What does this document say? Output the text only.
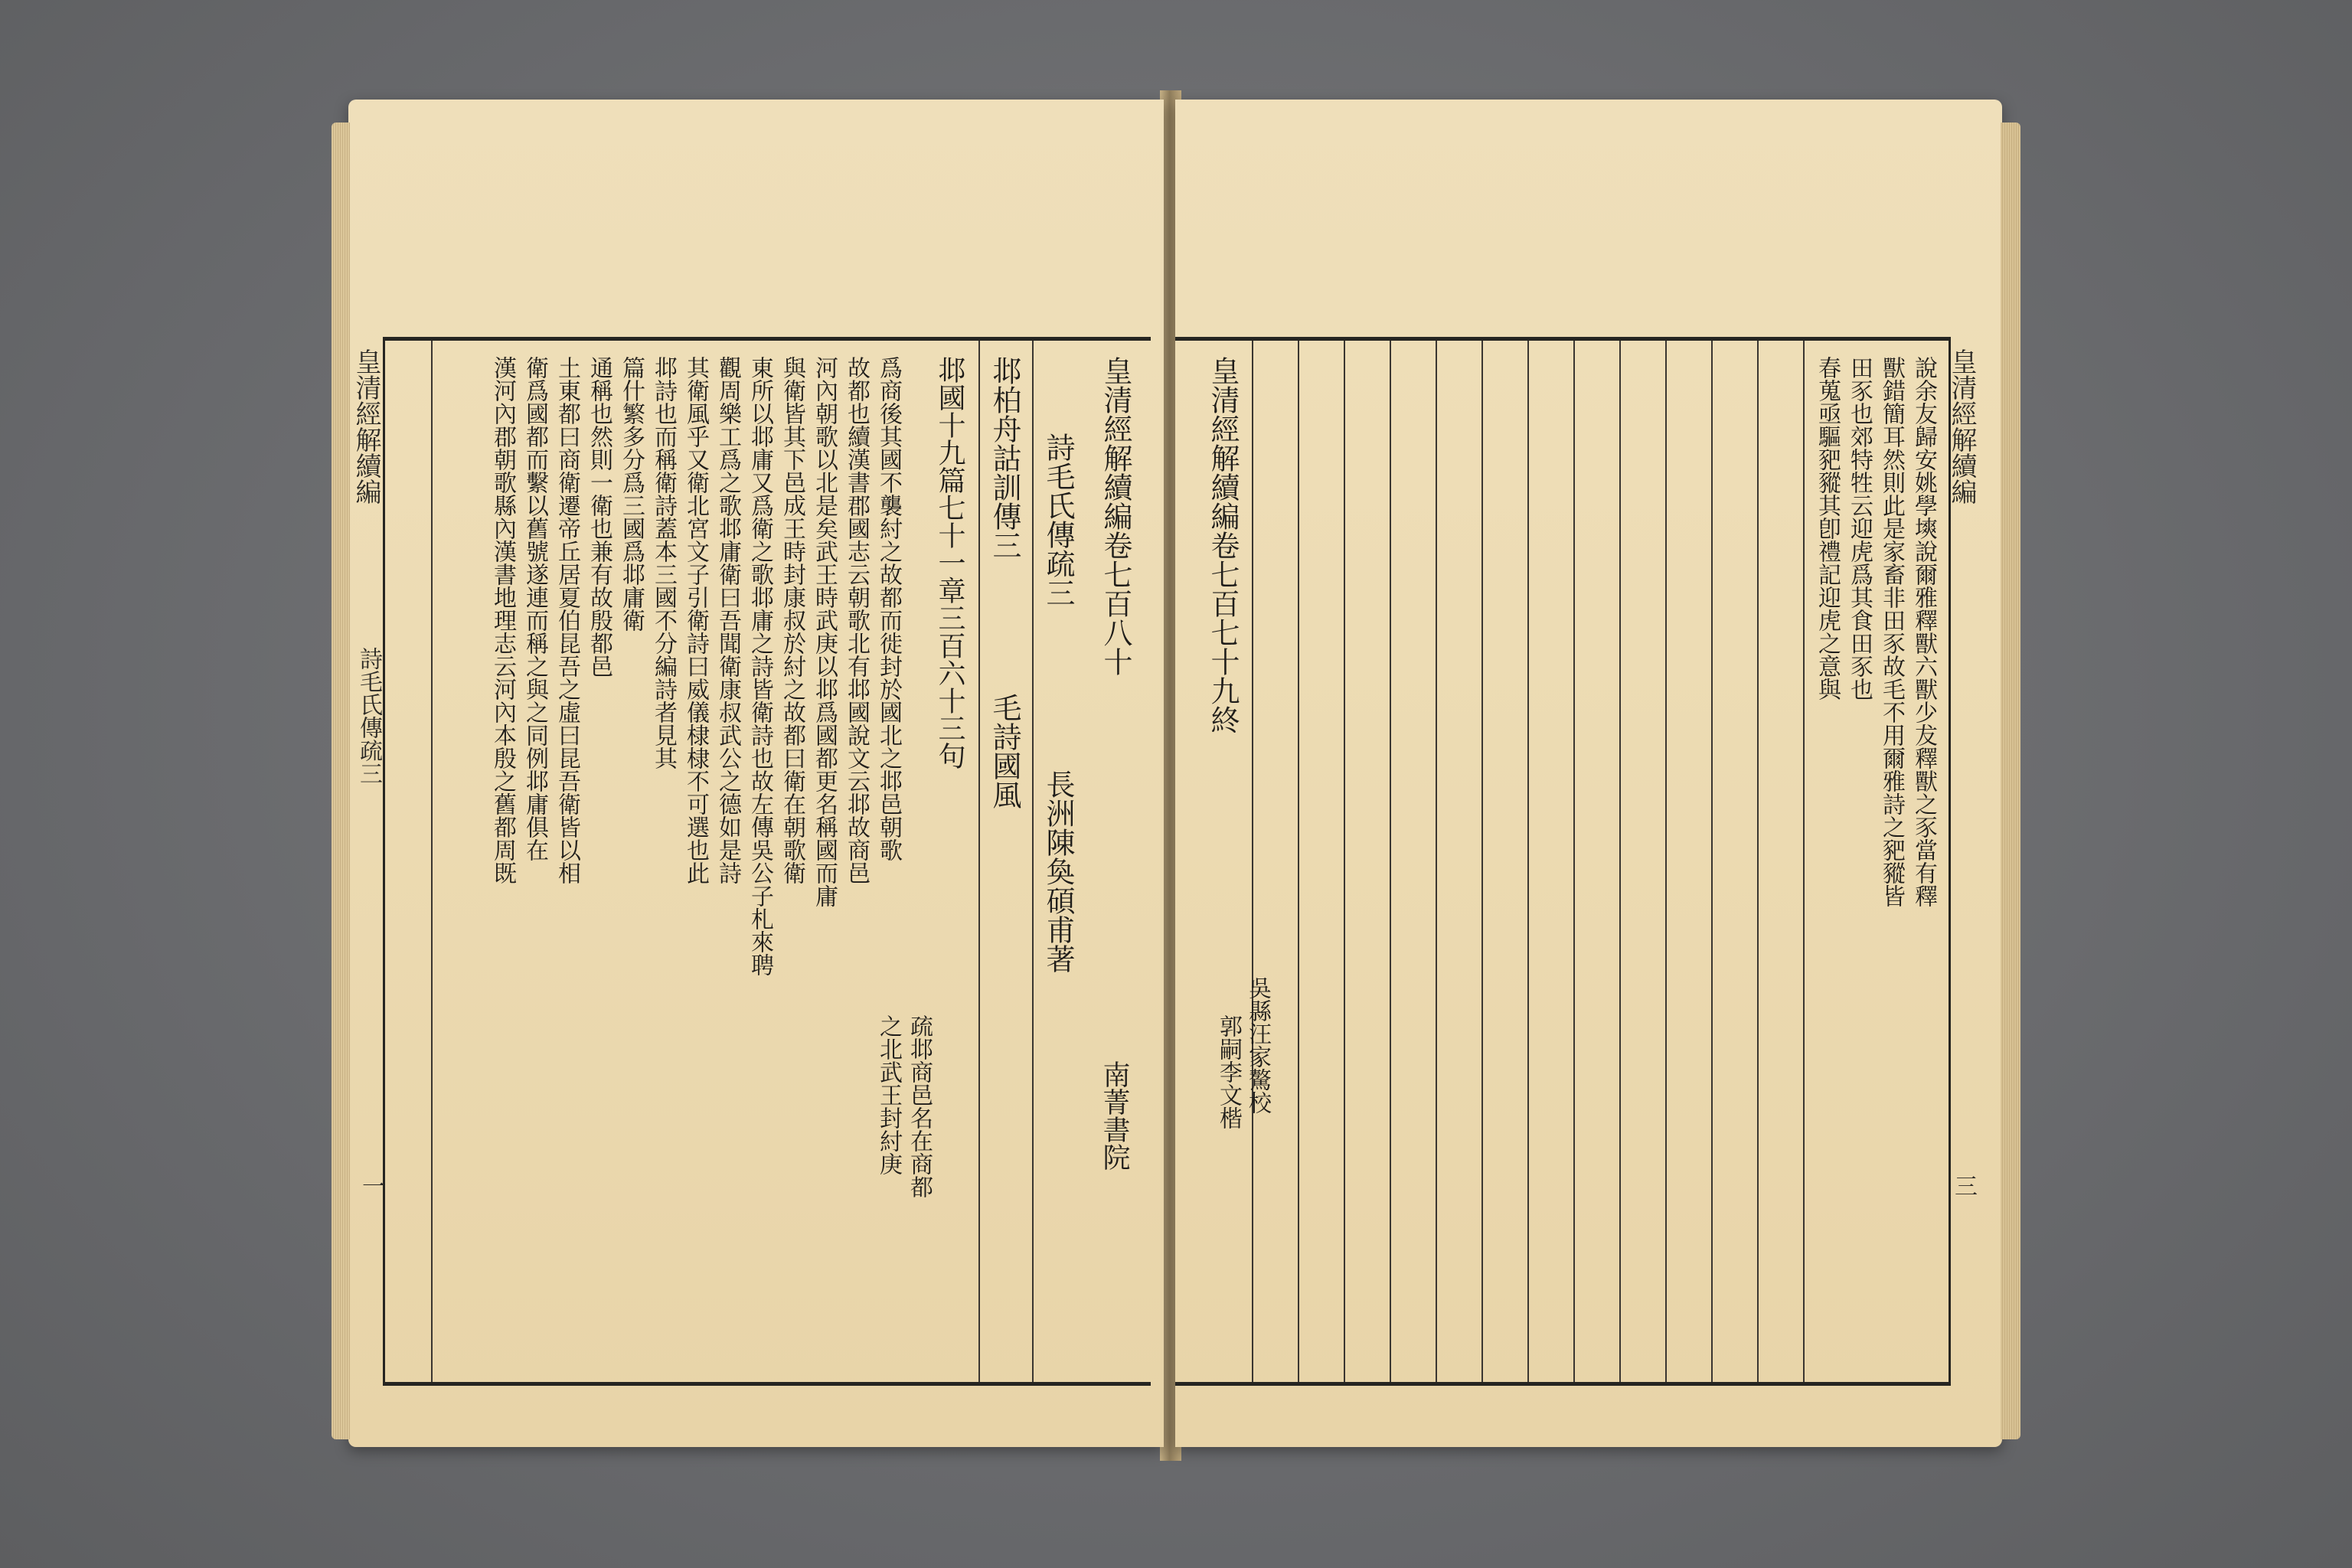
皇清經解續編
詩毛氏傳疏三
一
皇清經解續編卷七百八十
南菁書院
詩毛氏傳疏三
長洲陳奐碩甫著
邶柏舟詁訓傳三
毛詩國風
邶國十九篇七十一章三百六十三句
疏邶商邑名在商都
之北武王封紂庚
爲商後其國不襲紂之故都而徙封於國北之邶邑朝歌
故都也續漢書郡國志云朝歌北有邶國說文云邶故商邑
河內朝歌以北是矣武王時武庚以邶爲國都更名稱國而庸
與衛皆其下邑成王時封康叔於紂之故都曰衛在朝歌衛
東所以邶庸又爲衛之歌邶庸之詩皆衛詩也故左傳吳公子札來聘
觀周樂工爲之歌邶庸衛曰吾聞衛康叔武公之德如是詩
其衛風乎又衛北宮文子引衛詩曰威儀棣棣不可選也此
邶詩也而稱衛詩蓋本三國不分編詩者見其
篇什繁多分爲三國爲邶庸衛
通稱也然則一衛也兼有故殷都邑
土東都曰商衛遷帝丘居夏伯昆吾之虛曰昆吾衛皆以相
衛爲國都而繫以舊號遂連而稱之與之同例邶庸俱在
漢河內郡朝歌縣內漢書地理志云河內本殷之舊都周既	皇清經解續編
三
說余友歸安姚學塽說爾雅釋獸六獸少犮釋獸之豕當有釋
獸錯簡耳然則此是家畜非田豕故毛不用爾雅詩之豝豵皆
田豕也郊特牲云迎虎爲其食田豕也
春蒐亟驅豝豵其卽禮記迎虎之意與
皇清經解續編卷七百七十九終
吳縣汪家驁校
郭嗣李文楷
